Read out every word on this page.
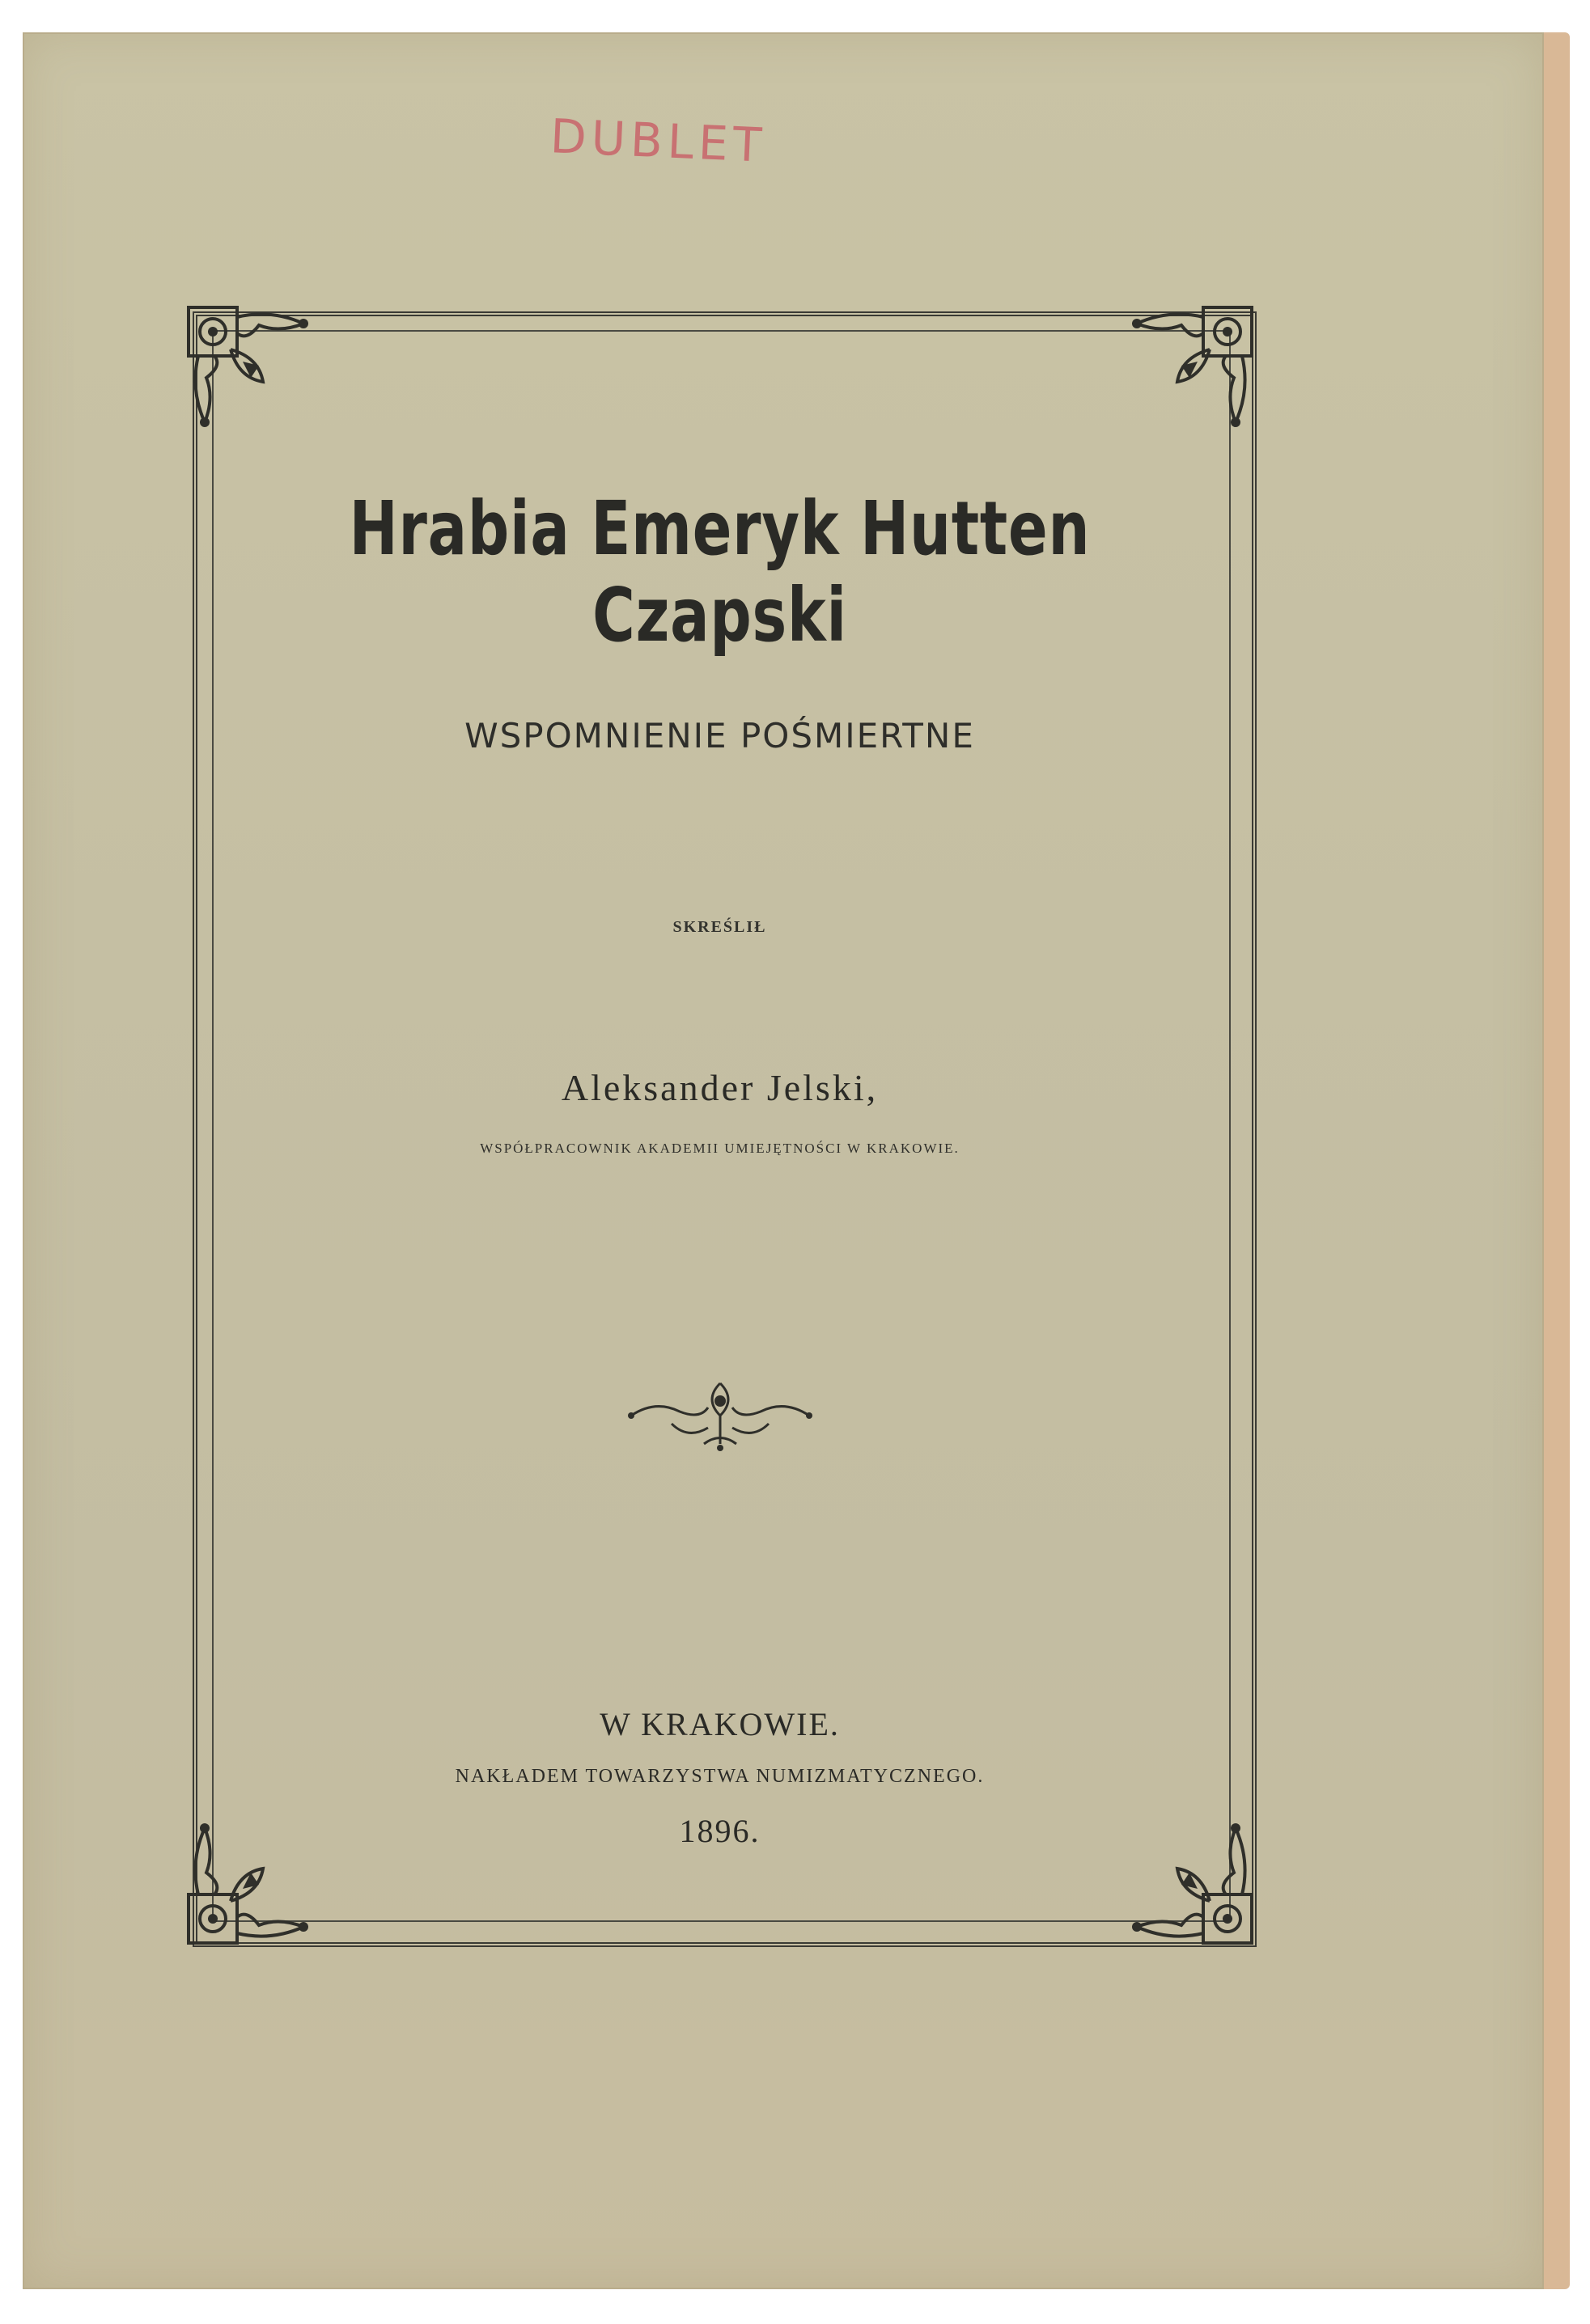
DUBLET
Hrabia Emeryk Hutten Czapski
WSPOMNIENIE POŚMIERTNE
SKREŚLIŁ
Aleksander Jelski,
WSPÓŁPRACOWNIK AKADEMII UMIEJĘTNOŚCI W KRAKOWIE.
W KRAKOWIE.
NAKŁADEM TOWARZYSTWA NUMIZMATYCZNEGO.
1896.
